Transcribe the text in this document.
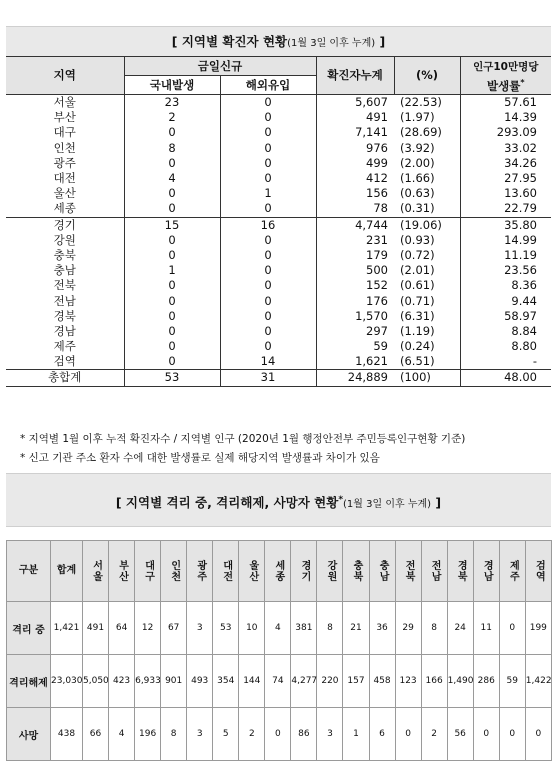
[ 지역별 확진자 현황(1월 3일 이후 누계) ]
지역	금일신규		확진자누계	(%)	인구10만명당
발생률*
	국내발생	해외유입			
서울	23	0	5,607	(22.53)	57.61
부산	2	0	491	(1.97)	14.39
대구	0	0	7,141	(28.69)	293.09
인천	8	0	976	(3.92)	33.02
광주	0	0	499	(2.00)	34.26
대전	4	0	412	(1.66)	27.95
울산	0	1	156	(0.63)	13.60
세종	0	0	78	(0.31)	22.79
경기	15	16	4,744	(19.06)	35.80
강원	0	0	231	(0.93)	14.99
충북	0	0	179	(0.72)	11.19
충남	1	0	500	(2.01)	23.56
전북	0	0	152	(0.61)	8.36
전남	0	0	176	(0.71)	9.44
경북	0	0	1,570	(6.31)	58.97
경남	0	0	297	(1.19)	8.84
제주	0	0	59	(0.24)	8.80
검역	0	14	1,621	(6.51)	-
총합계	53	31	24,889	(100)	48.00
* 지역별 1월 이후 누적 확진자수 / 지역별 인구 (2020년 1월 행정안전부 주민등록인구현황 기준)
* 신고 기관 주소 환자 수에 대한 발생률로 실제 해당지역 발생률과 차이가 있음
[ 지역별 격리 중, 격리해제, 사망자 현황*(1월 3일 이후 누계) ]
구분	합계	서울	부산	대구	인천	광주	대전	울산	세종	경기	강원	충북	충남	전북	전남	경북	경남	제주	검역
격리 중	1,421	491	64	12	67	3	53	10	4	381	8	21	36	29	8	24	11	0	199
격리해제	23,030	5,050	423	6,933	901	493	354	144	74	4,277	220	157	458	123	166	1,490	286	59	1,422
사망	438	66	4	196	8	3	5	2	0	86	3	1	6	0	2	56	0	0	0
